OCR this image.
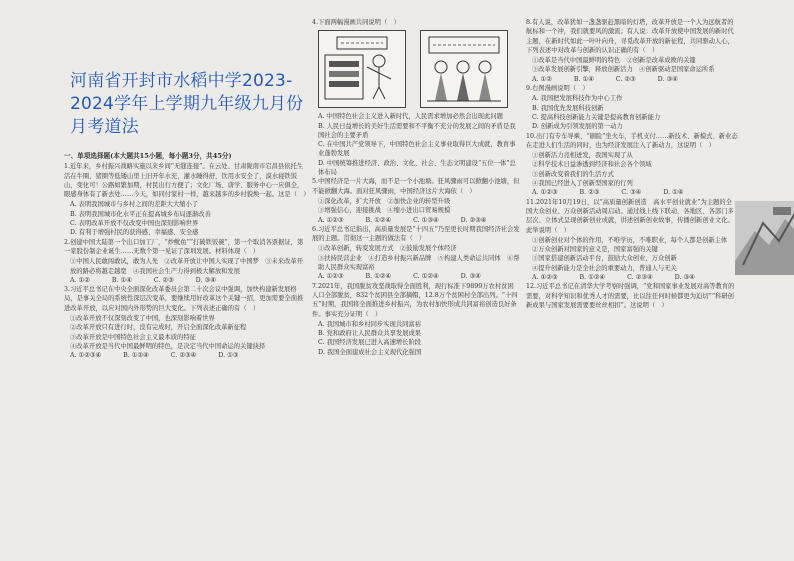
河南省开封市水稻中学2023-2024学年上学期九年级九月份月考道法
一、单项选择题(本大题共15小题，每小题3分，共45分)
1.近年来，乡村振兴战略实施以来乡间“无缝连接”。在云处、甘肃陇南市宕昌县依托生活在牛圈、猪圈等低矮山里上旧开年水充，灌水睡得舒，饮用水安全了，漠水寝铁饭山，变化可！公路如繁加期，村民出行方便了；文化厂场、唐学、服务中心一应俱全，眼感身体有了新去处……今天，如同付家村一样，越来越多的乡村貌焕一起。这是（　）
A. 表明我国城市与乡村之间的差距大大缩小了
B. 表明我国城市化水平正在提高城乡布局逐渐改善
C. 表明改革开放不仅改变中国也深刻影响世界
D. 有利于增强村民的获得感、幸福感、安全感
2.创建中国大陆第一个出口加工厂，“炒鱿鱼”“打破铁饭碗”，第一个取消各票据证，第一家股份制企业诞生……无数个第一见证了深圳发展。材料体现（　）
①中国人民敢闯敢试，敢为人先　②改革开放让中国人实现了中国梦　③未来改革开放的路必将越走越宽　④我国社会生产力得到极大解放和发展
A. ①②	B. ①④	C. ②③	D. ③④
3.习近平总书记在中央全面深化改革委员会第二十次会议中强调，加快构建新发展格局，是事关全局的系统性深层次变革，要继续用好改革这个关键一招，更加需要全面推进改革开放，以应对国内外形势的巨大变化。下列表述正确的有（　）
①改革开放不仅深刻改变了中国，也深刻影响着世界
②改革开放只有进行时，没有完成时，开启全面深化改革新征程
③改革开放是中国特色社会主义最本质的特征
④改革开放是当代中国最鲜明的特色，是决定当代中国命运的关键抉择
A. ①②③④	B. ①②④	C. ②③④	D. ①③
4.下面两幅漫画共同说明（　）
A. 中国特色社会主义进入新时代，人民需求增加必然会出现此问题
B. 人民日益增长的美好生活需要和不平衡不充分的发展之间的矛盾是我国社会的主要矛盾
C. 在中国共产党领导下，中国特色社会主义事业取得巨大成就，教育事业蓬勃发展
D. 中国统筹推进经济、政治、文化、社会、生态文明建设“五位一体”总体布局
5.中国经济是一片大海，而不是一个小池塘。狂风骤雨可以掀翻小池塘，但不能掀翻大海。面对狂风骤雨，中国经济这片大海依（　）
①深化改革，扩大开放　②加快企业的转型升级
③增强信心，迎接挑战　④缩小进出口贸易规模
A. ①②③	B. ①②④	C. ①③④	D. ②③④
6.习近平总书记指出，高质量发展是“十四五”乃至更长时期我国经济社会发展的主题。贯彻这一主题的做法有（　）
①改革创新，转变发展方式　②鼓励发展个体经济
③扶持民营企业　④打造乡村振兴新品牌　⑤构建人类命运共同体　⑥帮助人民群众实现富裕
A. ①②③	B. ①②④	C. ①②④	D. ③④
7.2021年，我国脱贫攻坚战取得全面胜利，现行标准下9899万农村贫困人口全部脱贫，832个贫困县全部摘帽，12.8万个贫困村全部出列。“十四五”时期，我国将全面推进乡村振兴，为农村加快形成共同富裕创造良好条件。事实充分证明（　）
A. 我国城市和乡村同步实现共同富裕
B. 党和政府让人民群众共享发展成果
C. 我国经济发展已进入高速增长阶段
D. 我国全面建成社会主义现代化强国
8.有人说，改革犹如一盏盏驱赶黑暗的灯塔，改革开放是一个人为远航者的航标和一个冲，我们就要风的激流；有人说：改革开放使中国发展的新时代主题，在新时代如此一叶叶向舟，寻觅改革开放的新征程，共同驱动人心，下列表述中对改革与创新的认识正确的有（　）
①改革是当代中国最鲜明的特色　②创新是改革成败的关键
③改革发展创新引擎，释放创新活力　④创新驱动是国家命运所系
A. ①②	B. ①④	C. ②③	D. ③④
9.右图漫画说明（　）
A. 我国把发展科技作为中心工作
B. 我国优先发展科技创新
C. 提高科技创新能力关键是提高教育创新能力
D. 创新成为引领发展的第一动力
10.出门有专车导乘，“刷脸”坐火车，手机支付……新技术、新模式、新业态在走进人们生活的同时，也为经济发展注入了新动力，这说明（　）
①创新活力竞相迸发，我国实现了从
②科学技术日益渗透到经济和社会各个领域
③创新改变着我们的生活方式
④我国已经进入了创新型国家的行列
A. ①②③	B. ②③	C. ③④	D. ①④
11.2021年10月19日，以“高质量创新创造　高水平创业就业”为主题的全国大众创业、万众创新活动周启动。通过线上线下联动，各地区、各部门多层次、立体式呈现创新创业成就，讲述创新创业故事，传播创新创业文化。此举说明（　）
①创新创业对个体的作用，不唯学历，不唯职业，每个人都是创新主体
②万众创新对国家的意义是，国家富强的关键
③国家搭建创新活动平台，鼓励大众创业，万众创新
④提升创新能力是全社会的重要动力，普通人与无关
A. ①②③	B. ①②④	C. ②③④	D. ③④
12.习近平总书记在清华大学考察时强调，“党和国家事业发展对高等教育的需要，对科学知识和优秀人才的需要，比以往任何时候都更为迫切”“科研创新成果与国家发展需要要丝丝相扣”。这说明（　）
